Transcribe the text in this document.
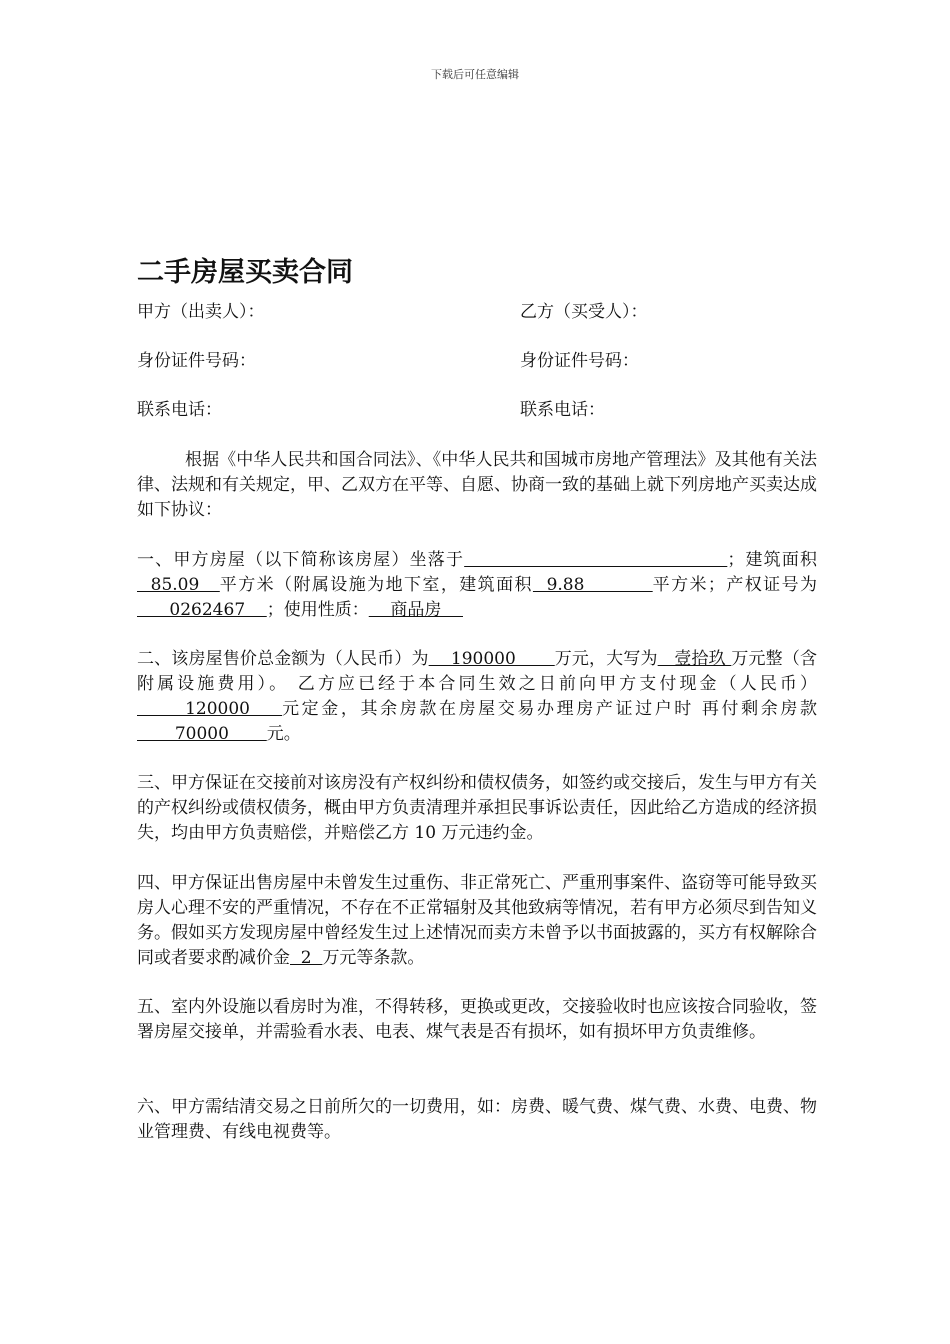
下载后可任意编辑
二手房屋买卖合同
甲方（出卖人）：	乙方（买受人）：
身份证件号码：	身份证件号码：
联系电话：	联系电话：

根据《中华人民共和国合同法》、《中华人民共和国城市房地产管理法》及其他有关法律、法规和有关规定，甲、乙双方在平等、自愿、协商一致的基础上就下列房地产买卖达成如下协议：

一、甲方房屋（以下简称该房屋）坐落于	；建筑面积  85.09   平方米（附属设施为地下室，建筑面积  9.88          平方米；产权证号为      0262467    ；使用性质：    商品房

二、该房屋售价总金额为（人民币）为    190000       万元，大写为   壹拾玖 万元整（含附属设施费用）。 乙方应已经于本合同生效之日前向甲方支付现金（人民币）      120000    元定金，其余房款在房屋交易办理房产证过户时 再付剩余房款       70000       元。

三、甲方保证在交接前对该房没有产权纠纷和债权债务，如签约或交接后，发生与甲方有关的产权纠纷或债权债务，概由甲方负责清理并承担民事诉讼责任，因此给乙方造成的经济损失，均由甲方负责赔偿，并赔偿乙方 10 万元违约金。

四、甲方保证出售房屋中未曾发生过重伤、非正常死亡、严重刑事案件、盗窃等可能导致买房人心理不安的严重情况，不存在不正常辐射及其他致病等情况，若有甲方必须尽到告知义务。假如买方发现房屋中曾经发生过上述情况而卖方未曾予以书面披露的，买方有权解除合同或者要求酌减价金  2  万元等条款。

五、室内外设施以看房时为准，不得转移，更换或更改，交接验收时也应该按合同验收，签署房屋交接单，并需验看水表、电表、煤气表是否有损坏，如有损坏甲方负责维修。

六、甲方需结清交易之日前所欠的一切费用，如：房费、暖气费、煤气费、水费、电费、物业管理费、有线电视费等。
